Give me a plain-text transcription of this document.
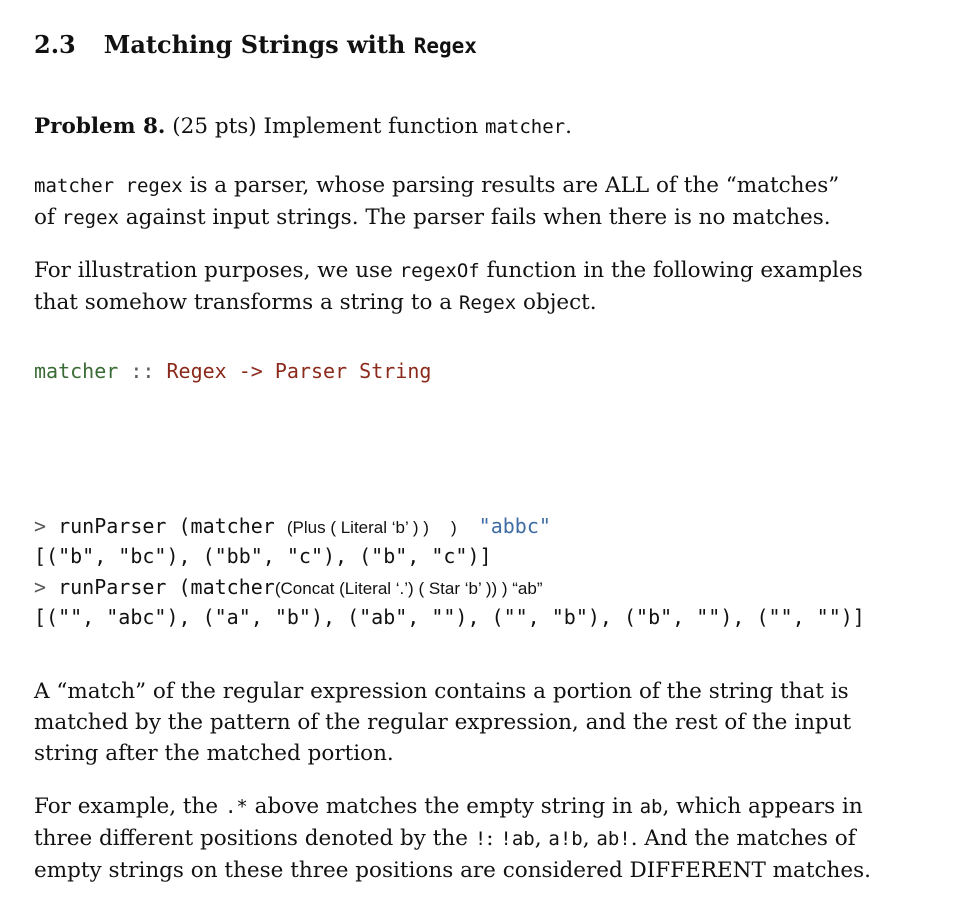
2.3 Matching Strings with Regex
Problem 8. (25 pts) Implement function matcher.
matcher regex is a parser, whose parsing results are ALL of the “matches”
of regex against input strings. The parser fails when there is no matches.
For illustration purposes, we use regexOf function in the following examples
that somehow transforms a string to a Regex object.
matcher :: Regex -> Parser String
> runParser (matcher (Plus ( Literal ‘b’ ) ) ) "abbc"
[("b", "bc"), ("bb", "c"), ("b", "c")]
> runParser (matcher(Concat (Literal ‘.’) ( Star ‘b’ )) ) “ab”
[("", "abc"), ("a", "b"), ("ab", ""), ("", "b"), ("b", ""), ("", "")]
A “match” of the regular expression contains a portion of the string that is
matched by the pattern of the regular expression, and the rest of the input
string after the matched portion.
For example, the .* above matches the empty string in ab, which appears in
three different positions denoted by the !: !ab, a!b, ab!. And the matches of
empty strings on these three positions are considered DIFFERENT matches.
